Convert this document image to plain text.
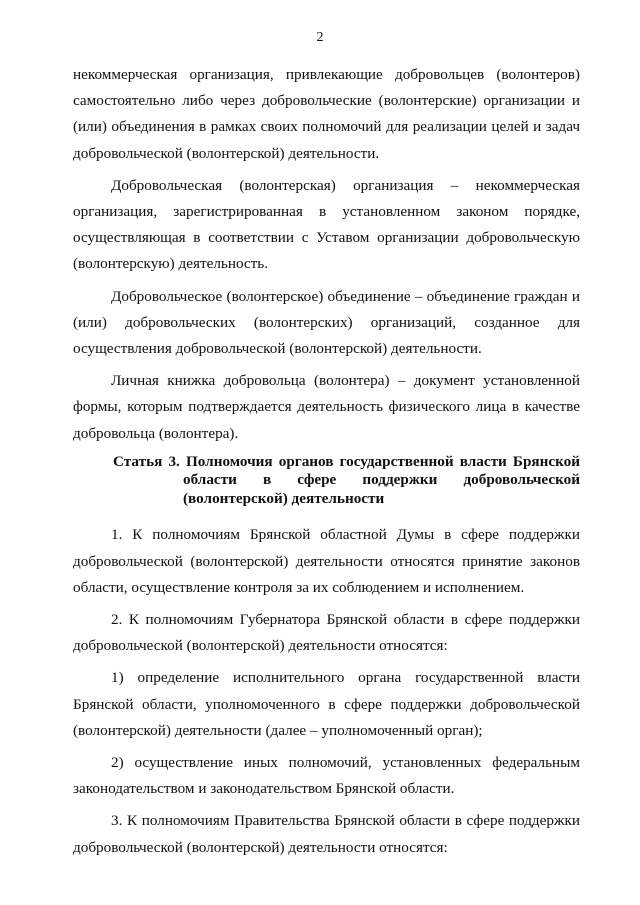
2

некоммерческая организация, привлекающие добровольцев (волонтеров) самостоятельно либо через добровольческие (волонтерские) организации и (или) объединения в рамках своих полномочий для реализации целей и задач добровольческой (волонтерской) деятельности.

Добровольческая (волонтерская) организация – некоммерческая организация, зарегистрированная в установленном законом порядке, осуществляющая в соответствии с Уставом организации добровольческую (волонтерскую) деятельность.

Добровольческое (волонтерское) объединение – объединение граждан и (или) добровольческих (волонтерских) организаций, созданное для осуществления добровольческой (волонтерской) деятельности.

Личная книжка добровольца (волонтера) – документ установленной формы, которым подтверждается деятельность физического лица в качестве добровольца (волонтера).

Статья 3. Полномочия органов государственной власти Брянской области в сфере поддержки добровольческой (волонтерской) деятельности

1. К полномочиям Брянской областной Думы в сфере поддержки добровольческой (волонтерской) деятельности относятся принятие законов области, осуществление контроля за их соблюдением и исполнением.

2. К полномочиям Губернатора Брянской области в сфере поддержки добровольческой (волонтерской) деятельности относятся:

1) определение исполнительного органа государственной власти Брянской области, уполномоченного в сфере поддержки добровольческой (волонтерской) деятельности (далее – уполномоченный орган);

2) осуществление иных полномочий, установленных федеральным законодательством и законодательством Брянской области.

3. К полномочиям Правительства Брянской области в сфере поддержки добровольческой (волонтерской) деятельности относятся:
